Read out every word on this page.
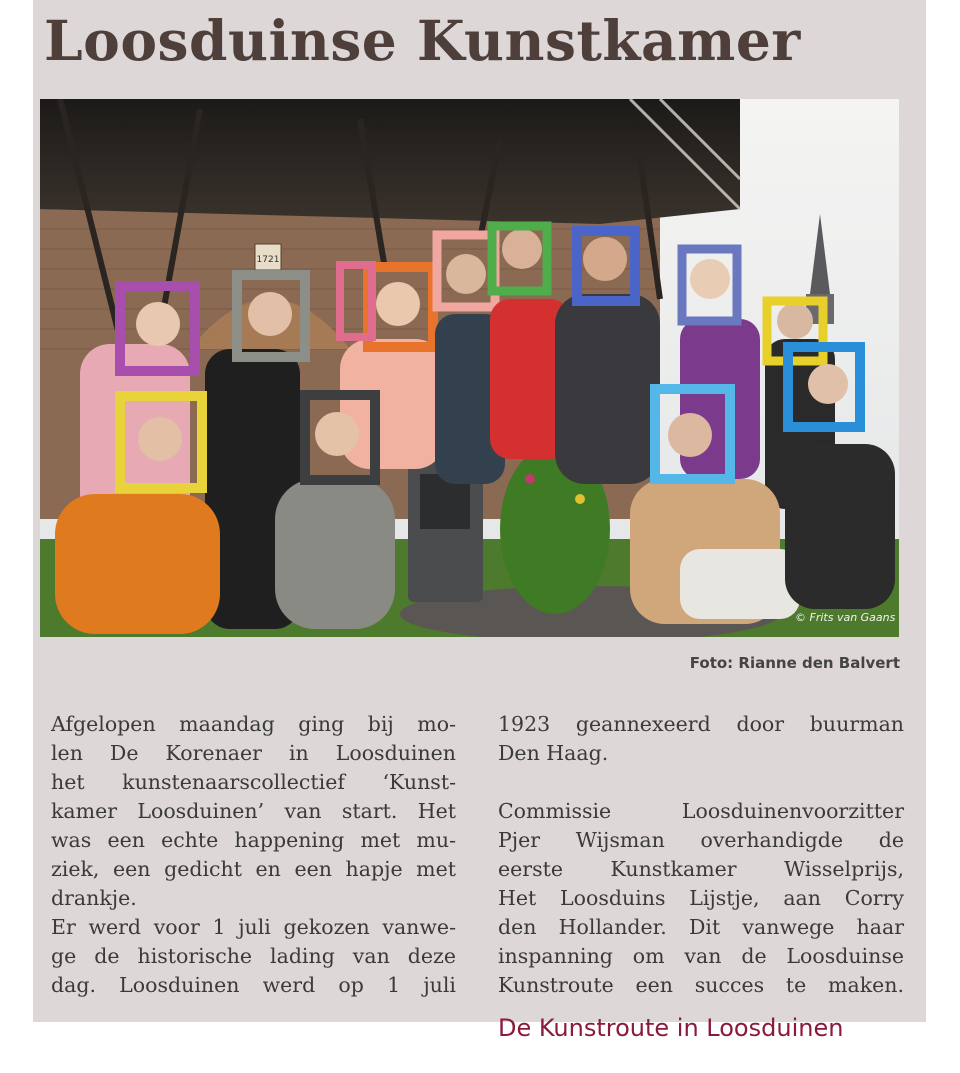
Loosduinse Kunstkamer
1721
© Frits van Gaans
Foto: Rianne den Balvert

Afgelopen maandag ging bij mo-

len De Korenaer in Loosduinen

het kunstenaarscollectief ‘Kunst-

kamer Loosduinen’ van start. Het

was een echte happening met mu-

ziek, een gedicht en een hapje met

drankje.

Er werd voor 1 juli gekozen vanwe-

ge de historische lading van deze

dag. Loosduinen werd op 1 juli

1923 geannexeerd door buurman

Den Haag.

Commissie Loosduinenvoorzitter

Pjer Wijsman overhandigde de

eerste Kunstkamer Wisselprijs,

Het Loosduins Lijstje, aan Corry

den Hollander. Dit vanwege haar

inspanning om van de Loosduinse

Kunstroute een succes te maken.

De Kunstroute in Loosduinen
